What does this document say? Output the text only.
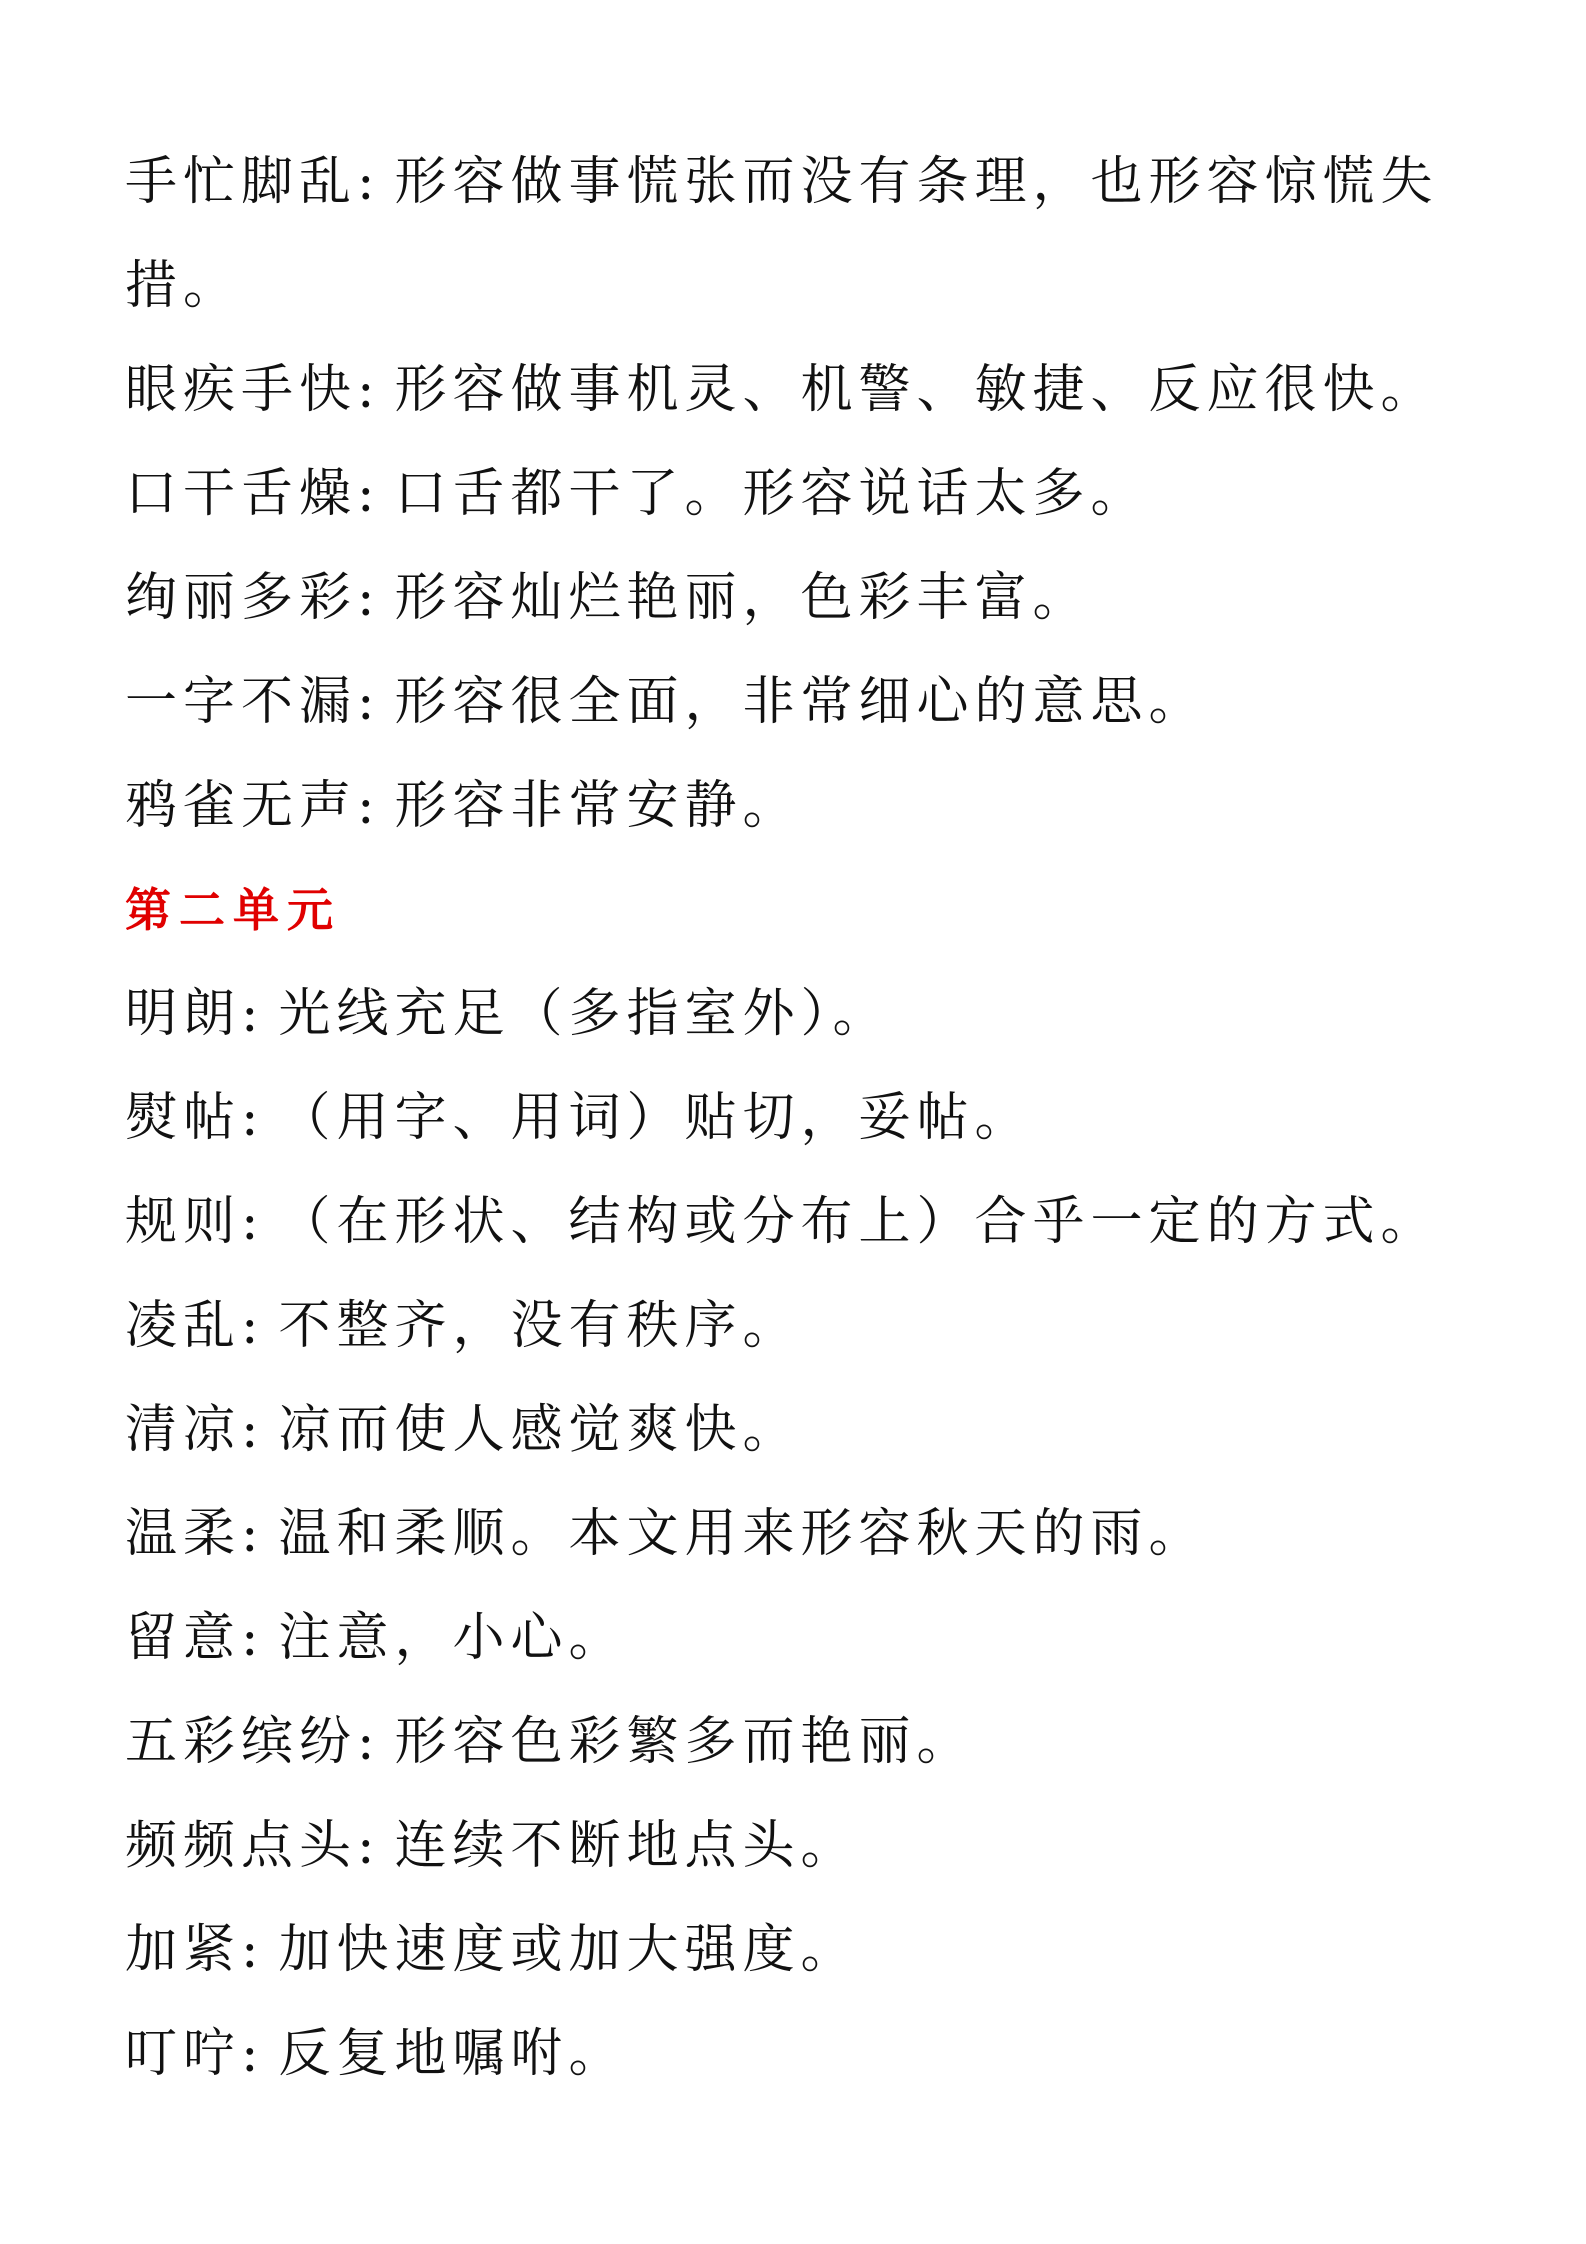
手忙脚乱: 形容做事慌张而没有条理，也形容惊慌失措。
眼疾手快: 形容做事机灵、机警、敏捷、反应很快。
口干舌燥: 口舌都干了。形容说话太多。
绚丽多彩: 形容灿烂艳丽，色彩丰富。
一字不漏: 形容很全面，非常细心的意思。
鸦雀无声: 形容非常安静。
第二单元
明朗: 光线充足（多指室外）。
熨帖: （用字、用词）贴切，妥帖。
规则: （在形状、结构或分布上）合乎一定的方式。
凌乱: 不整齐，没有秩序。
清凉: 凉而使人感觉爽快。
温柔: 温和柔顺。本文用来形容秋天的雨。
留意: 注意，小心。
五彩缤纷: 形容色彩繁多而艳丽。
频频点头: 连续不断地点头。
加紧: 加快速度或加大强度。
叮咛: 反复地嘱咐。
